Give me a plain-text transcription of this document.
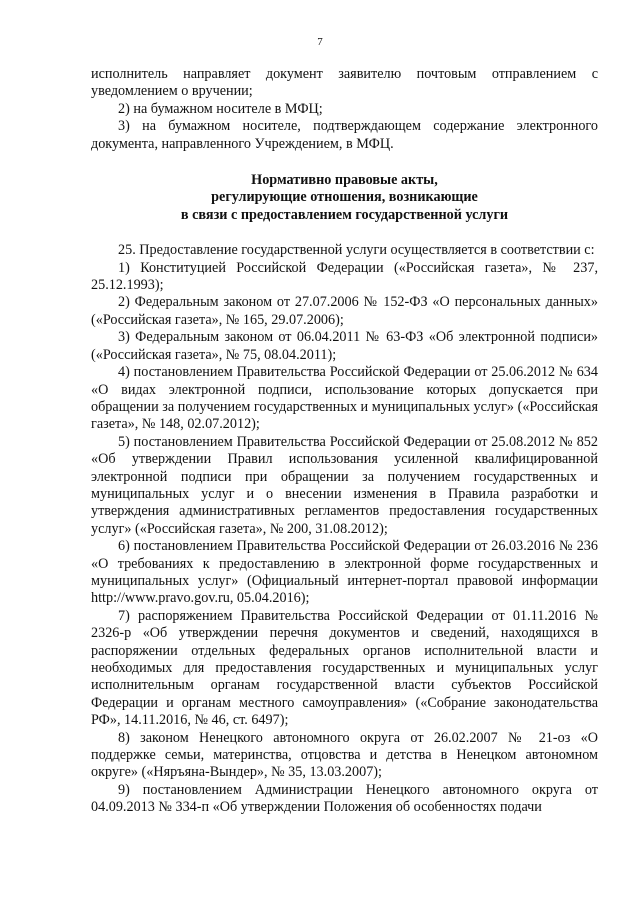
7

исполнитель направляет документ заявителю почтовым отправлением с уведомлением о вручении;

2) на бумажном носителе в МФЦ;

3) на бумажном носителе, подтверждающем содержание электронного документа, направленного Учреждением, в МФЦ.

Нормативно правовые акты,
регулирующие отношения, возникающие
в связи с предоставлением государственной услуги

25. Предоставление государственной услуги осуществляется в соответствии с:

1) Конституцией Российской Федерации («Российская газета», № 237, 25.12.1993);

2) Федеральным законом от 27.07.2006 № 152-ФЗ «О персональных данных» («Российская газета», № 165, 29.07.2006);

3) Федеральным законом от 06.04.2011 № 63-ФЗ «Об электронной подписи» («Российская газета», № 75, 08.04.2011);

4) постановлением Правительства Российской Федерации от 25.06.2012 № 634 «О видах электронной подписи, использование которых допускается при обращении за получением государственных и муниципальных услуг» («Российская газета», № 148, 02.07.2012);

5) постановлением Правительства Российской Федерации от 25.08.2012 № 852 «Об утверждении Правил использования усиленной квалифицированной электронной подписи при обращении за получением государственных и муниципальных услуг и о внесении изменения в Правила разработки и утверждения административных регламентов предоставления государственных услуг» («Российская газета», № 200, 31.08.2012);

6) постановлением Правительства Российской Федерации от 26.03.2016 № 236 «О требованиях к предоставлению в электронной форме государственных и муниципальных услуг» (Официальный интернет-портал правовой информации http://www.pravo.gov.ru, 05.04.2016);

7) распоряжением Правительства Российской Федерации от 01.11.2016 № 2326-р «Об утверждении перечня документов и сведений, находящихся в распоряжении отдельных федеральных органов исполнительной власти и необходимых для предоставления государственных и муниципальных услуг исполнительным органам государственной власти субъектов Российской Федерации и органам местного самоуправления» («Собрание законодательства РФ», 14.11.2016, № 46, ст. 6497);

8) законом Ненецкого автономного округа от 26.02.2007 № 21-оз «О поддержке семьи, материнства, отцовства и детства в Ненецком автономном округе» («Няръяна-Вындер», № 35, 13.03.2007);

9) постановлением Администрации Ненецкого автономного округа от 04.09.2013 № 334-п «Об утверждении Положения об особенностях подачи
